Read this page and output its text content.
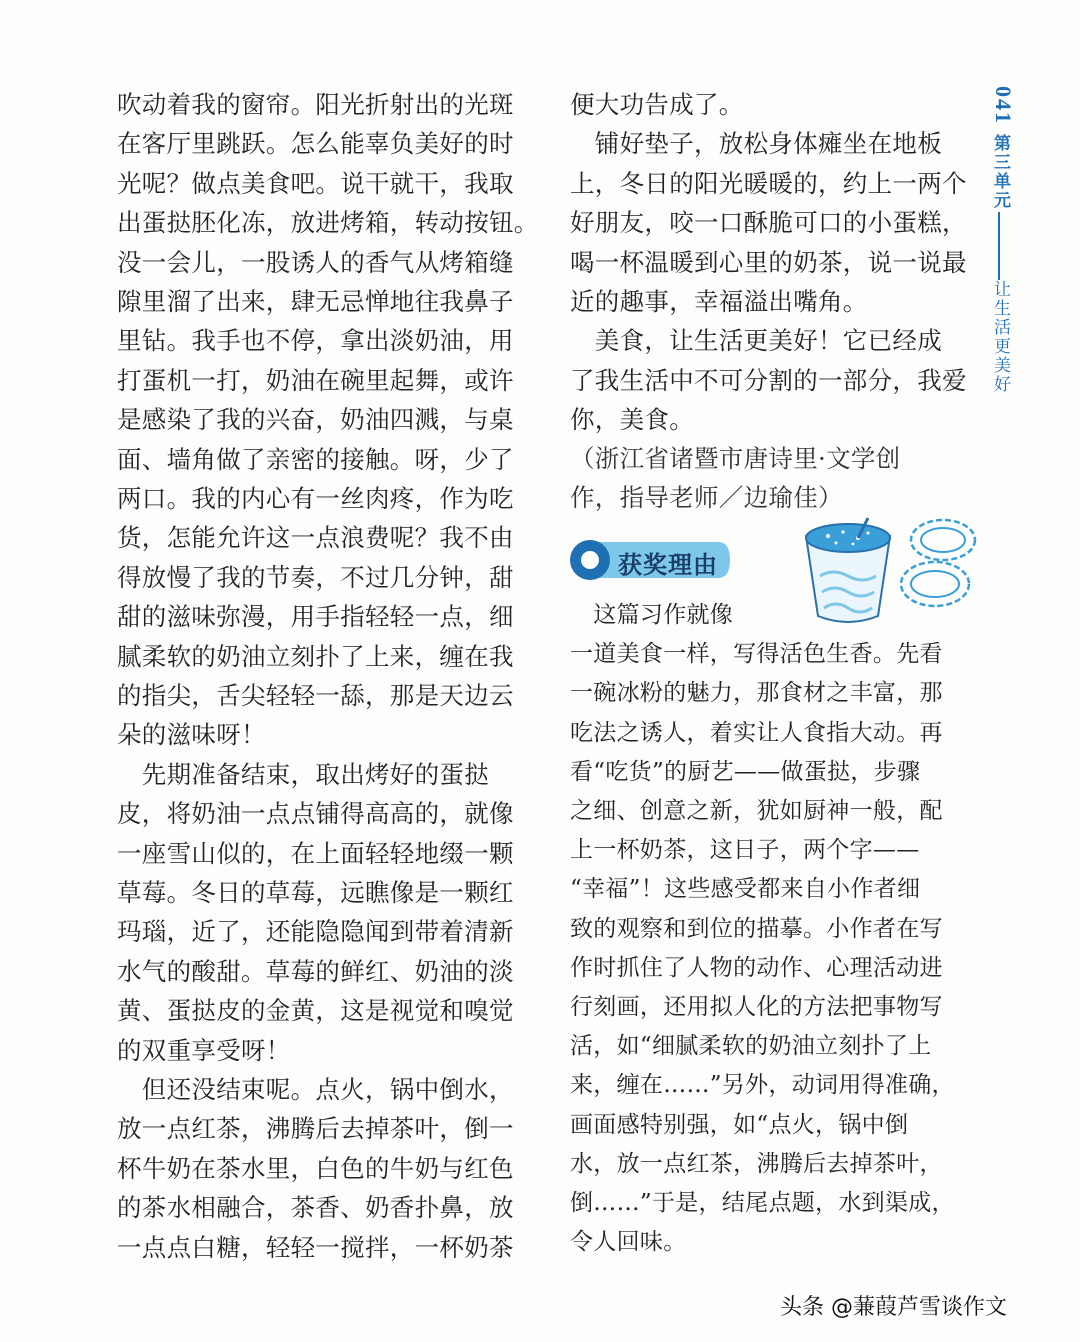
041
第三单元
让生活更美好
吹动着我的窗帘。阳光折射出的光斑
在客厅里跳跃。怎么能辜负美好的时
光呢？做点美食吧。说干就干，我取
出蛋挞胚化冻，放进烤箱，转动按钮。
没一会儿，一股诱人的香气从烤箱缝
隙里溜了出来，肆无忌惮地往我鼻子
里钻。我手也不停，拿出淡奶油，用
打蛋机一打，奶油在碗里起舞，或许
是感染了我的兴奋，奶油四溅，与桌
面、墙角做了亲密的接触。呀，少了
两口。我的内心有一丝肉疼，作为吃
货，怎能允许这一点浪费呢？我不由
得放慢了我的节奏，不过几分钟，甜
甜的滋味弥漫，用手指轻轻一点，细
腻柔软的奶油立刻扑了上来，缠在我
的指尖，舌尖轻轻一舔，那是天边云
朵的滋味呀！
　先期准备结束，取出烤好的蛋挞
皮，将奶油一点点铺得高高的，就像
一座雪山似的，在上面轻轻地缀一颗
草莓。冬日的草莓，远瞧像是一颗红
玛瑙，近了，还能隐隐闻到带着清新
水气的酸甜。草莓的鲜红、奶油的淡
黄、蛋挞皮的金黄，这是视觉和嗅觉
的双重享受呀！
　但还没结束呢。点火，锅中倒水，
放一点红茶，沸腾后去掉茶叶，倒一
杯牛奶在茶水里，白色的牛奶与红色
的茶水相融合，茶香、奶香扑鼻，放
一点点白糖，轻轻一搅拌，一杯奶茶
便大功告成了。
　铺好垫子，放松身体瘫坐在地板
上，冬日的阳光暖暖的，约上一两个
好朋友，咬一口酥脆可口的小蛋糕，
喝一杯温暖到心里的奶茶，说一说最
近的趣事，幸福溢出嘴角。
　美食，让生活更美好！它已经成
了我生活中不可分割的一部分，我爱
你，美食。
（浙江省诸暨市唐诗里·文学创
作，指导老师／边瑜佳）
获奖理由
　这篇习作就像
一道美食一样，写得活色生香。先看
一碗冰粉的魅力，那食材之丰富，那
吃法之诱人，着实让人食指大动。再
看“吃货”的厨艺——做蛋挞，步骤
之细、创意之新，犹如厨神一般，配
上一杯奶茶，这日子，两个字——
“幸福”！这些感受都来自小作者细
致的观察和到位的描摹。小作者在写
作时抓住了人物的动作、心理活动进
行刻画，还用拟人化的方法把事物写
活，如“细腻柔软的奶油立刻扑了上
来，缠在……”另外，动词用得准确，
画面感特别强，如“点火，锅中倒
水，放一点红茶，沸腾后去掉茶叶，
倒……”于是，结尾点题，水到渠成，
令人回味。
头条 @蒹葭芦雪谈作文
